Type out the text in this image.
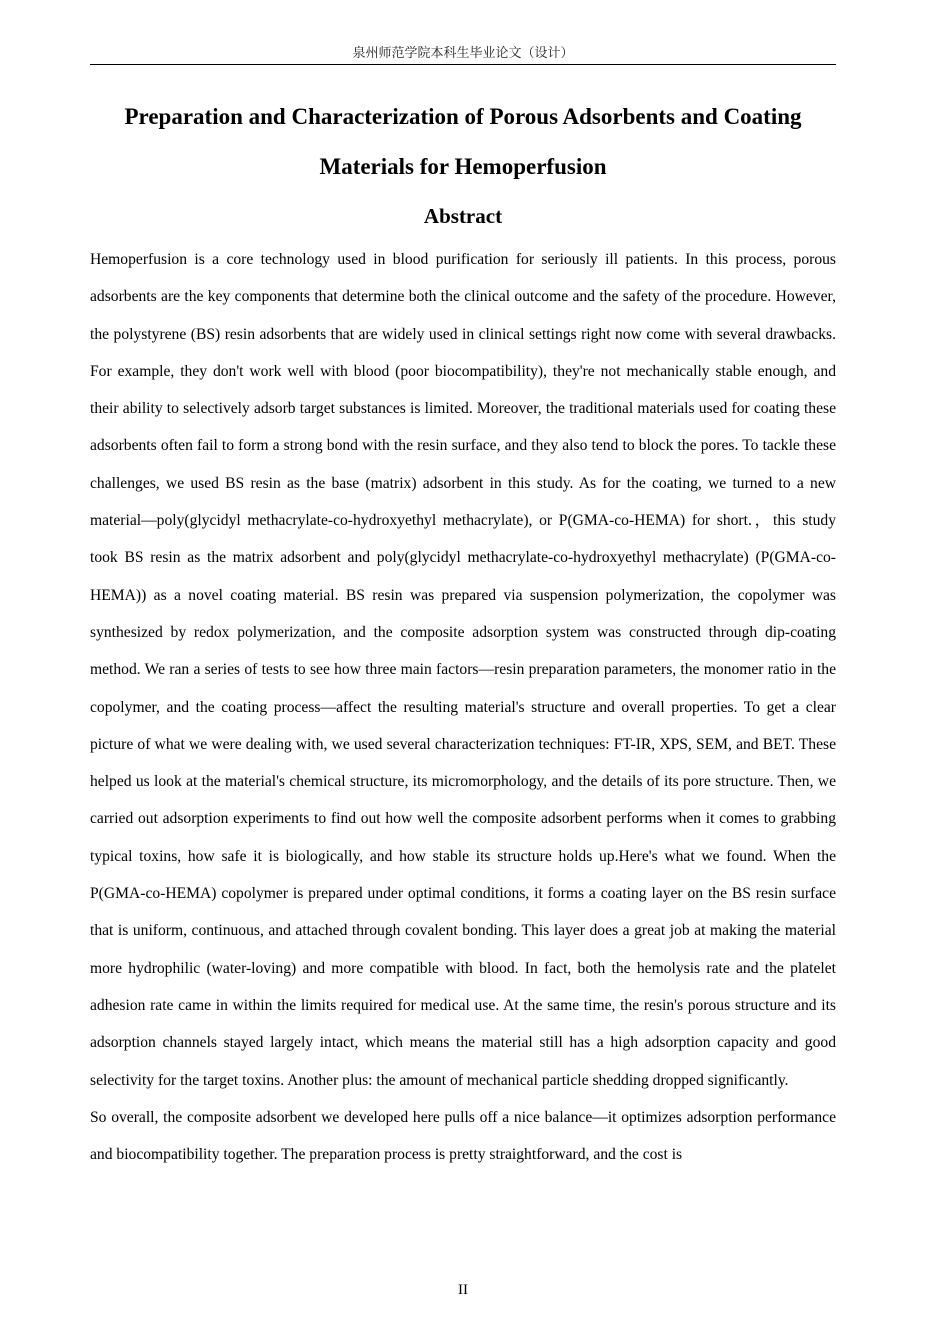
泉州师范学院本科生毕业论文（设计）
Preparation and Characterization of Porous Adsorbents and Coating Materials for Hemoperfusion
Abstract

Hemoperfusion is a core technology used in blood purification for seriously ill patients. In this process, porous adsorbents are the key components that determine both the clinical outcome and the safety of the procedure. However, the polystyrene (BS) resin adsorbents that are widely used in clinical settings right now come with several drawbacks. For example, they don't work well with blood (poor biocompatibility), they're not mechanically stable enough, and their ability to selectively adsorb target substances is limited. Moreover, the traditional materials used for coating these adsorbents often fail to form a strong bond with the resin surface, and they also tend to block the pores. To tackle these challenges, we used BS resin as the base (matrix) adsorbent in this study. As for the coating, we turned to a new material—poly(glycidyl methacrylate-co-hydroxyethyl methacrylate), or P(GMA-co-HEMA) for short.，this study took BS resin as the matrix adsorbent and poly(glycidyl methacrylate-co-hydroxyethyl methacrylate) (P(GMA-co-HEMA)) as a novel coating material. BS resin was prepared via suspension polymerization, the copolymer was synthesized by redox polymerization, and the composite adsorption system was constructed through dip-coating method. We ran a series of tests to see how three main factors—resin preparation parameters, the monomer ratio in the copolymer, and the coating process—affect the resulting material's structure and overall properties. To get a clear picture of what we were dealing with, we used several characterization techniques: FT-IR, XPS, SEM, and BET. These helped us look at the material's chemical structure, its micromorphology, and the details of its pore structure. Then, we carried out adsorption experiments to find out how well the composite adsorbent performs when it comes to grabbing typical toxins, how safe it is biologically, and how stable its structure holds up.Here's what we found. When the P(GMA-co-HEMA) copolymer is prepared under optimal conditions, it forms a coating layer on the BS resin surface that is uniform, continuous, and attached through covalent bonding. This layer does a great job at making the material more hydrophilic (water-loving) and more compatible with blood. In fact, both the hemolysis rate and the platelet adhesion rate came in within the limits required for medical use. At the same time, the resin's porous structure and its adsorption channels stayed largely intact, which means the material still has a high adsorption capacity and good selectivity for the target toxins. Another plus: the amount of mechanical particle shedding dropped significantly.

So overall, the composite adsorbent we developed here pulls off a nice balance—it optimizes adsorption performance and biocompatibility together. The preparation process is pretty straightforward, and the cost is

II
